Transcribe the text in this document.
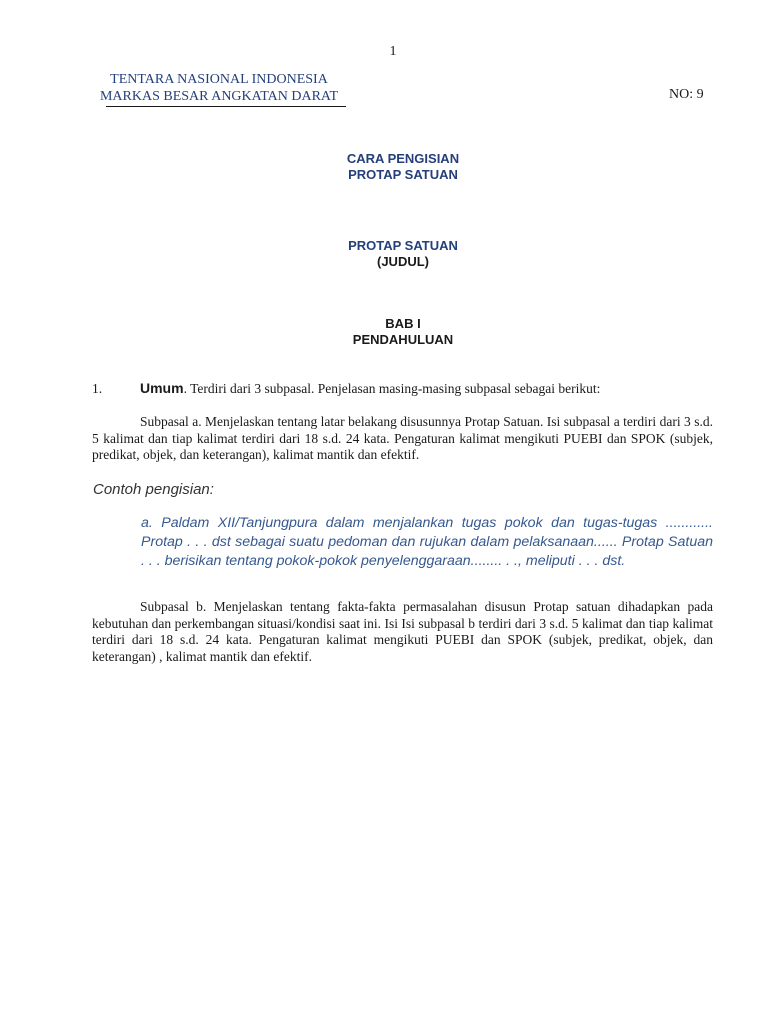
1
TENTARA NASIONAL INDONESIA
MARKAS BESAR ANGKATAN DARAT	NO: 9
CARA PENGISIAN
PROTAP SATUAN
PROTAP SATUAN
(JUDUL)
BAB I
PENDAHULUAN
1.	Umum. Terdiri dari 3 subpasal. Penjelasan masing-masing subpasal sebagai berikut:
Subpasal a. Menjelaskan tentang latar belakang disusunnya Protap Satuan. Isi subpasal a terdiri dari 3 s.d. 5 kalimat dan tiap kalimat terdiri dari 18 s.d. 24 kata. Pengaturan kalimat mengikuti PUEBI dan SPOK (subjek, predikat, objek, dan keterangan), kalimat mantik dan efektif.
Contoh pengisian:
a. Paldam XII/Tanjungpura dalam menjalankan tugas pokok dan tugas-tugas ............ Protap . . . dst sebagai suatu pedoman dan rujukan dalam pelaksanaan...... Protap Satuan . . . berisikan tentang pokok-pokok penyelenggaraan........ . ., meliputi . . . dst.
Subpasal b. Menjelaskan tentang fakta-fakta permasalahan disusun Protap satuan dihadapkan pada kebutuhan dan perkembangan situasi/kondisi saat ini. Isi Isi subpasal b terdiri dari 3 s.d. 5 kalimat dan tiap kalimat terdiri dari 18 s.d. 24 kata. Pengaturan kalimat mengikuti PUEBI dan SPOK (subjek, predikat, objek, dan keterangan) , kalimat mantik dan efektif.
